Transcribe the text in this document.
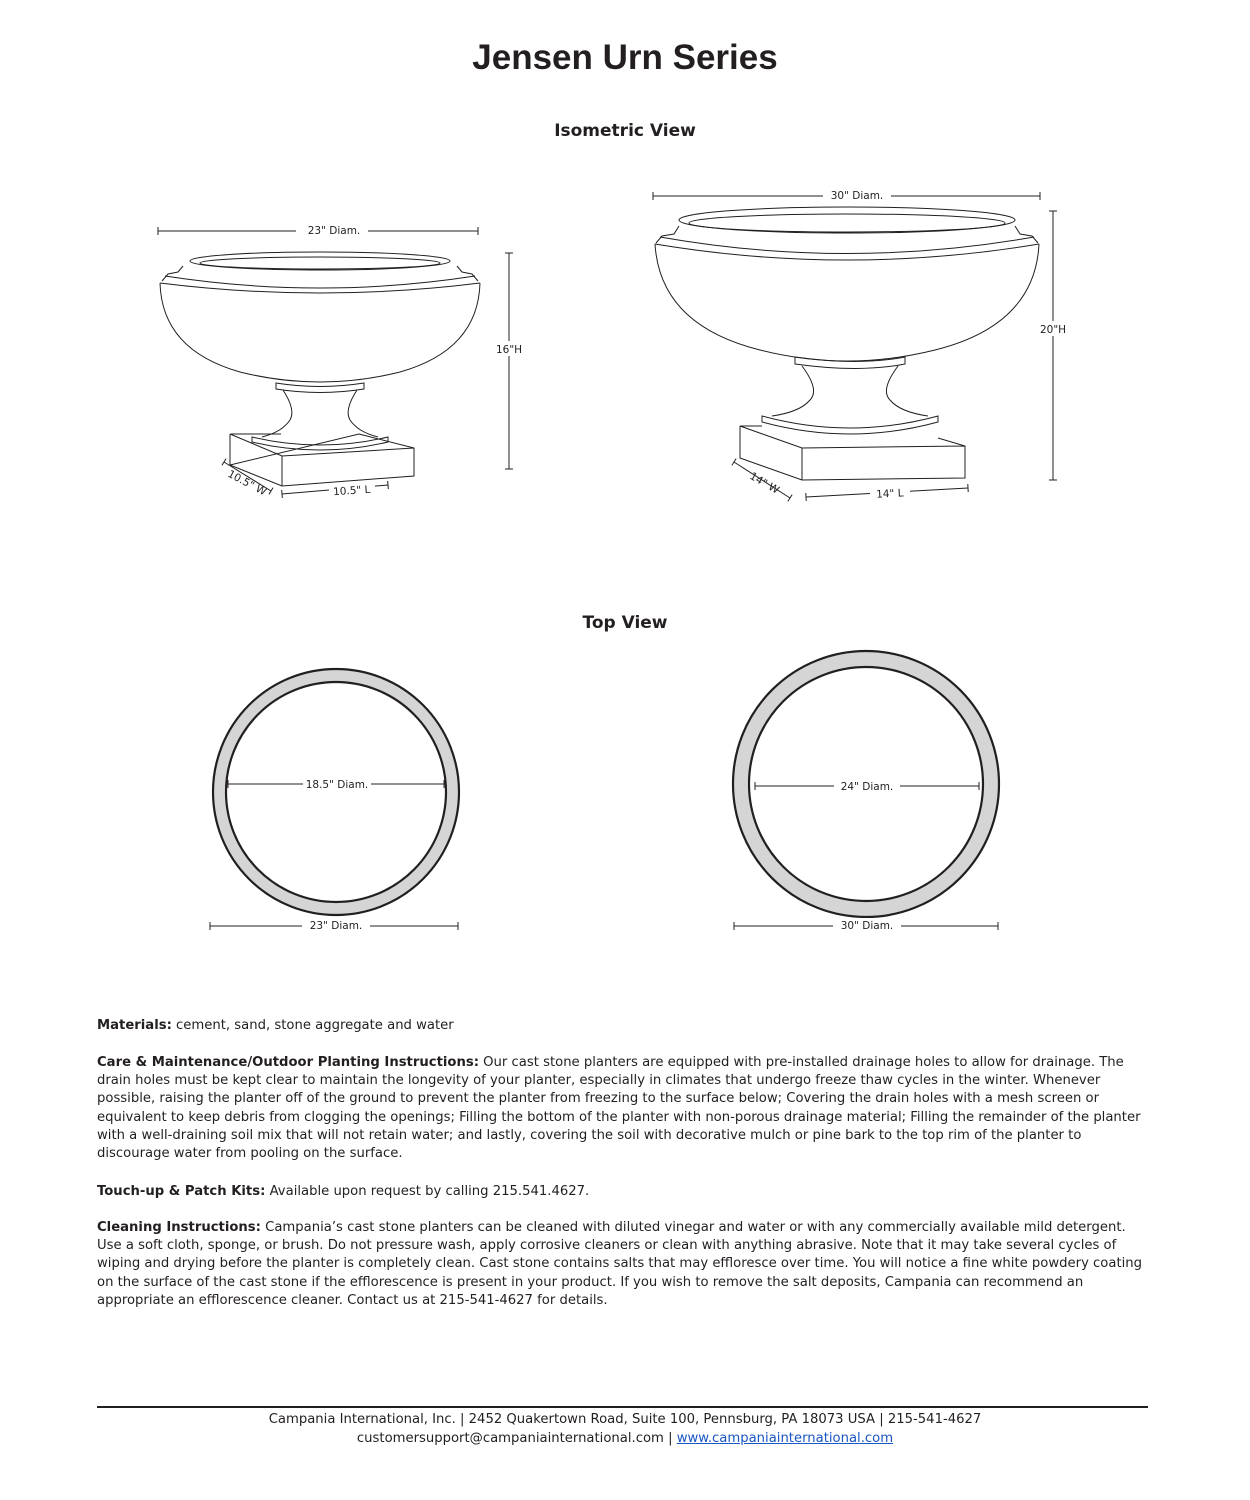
Jensen Urn Series
Isometric View
23" Diam.
16"H
10.5" W	10.5" L
30" Diam.
20"H
14" W	14" L
18.5" Diam.
23" Diam.
24" Diam.
30" Diam.
Top View

Materials: cement, sand, stone aggregate and water

Care & Maintenance/Outdoor Planting Instructions: Our cast stone planters are equipped with pre-installed drainage holes to allow for drainage. The drain holes must be kept clear to maintain the longevity of your planter, especially in climates that undergo freeze thaw cycles in the winter. Whenever possible, raising the planter off of the ground to prevent the planter from freezing to the surface below; Covering the drain holes with a mesh screen or equivalent to keep debris from clogging the openings; Filling the bottom of the planter with non-porous drainage material; Filling the remainder of the planter with a well-draining soil mix that will not retain water; and lastly, covering the soil with decorative mulch or pine bark to the top rim of the planter to discourage water from pooling on the surface.

Touch-up & Patch Kits: Available upon request by calling 215.541.4627.

Cleaning Instructions: Campania’s cast stone planters can be cleaned with diluted vinegar and water or with any commercially available mild detergent. Use a soft cloth, sponge, or brush. Do not pressure wash, apply corrosive cleaners or clean with anything abrasive. Note that it may take several cycles of wiping and drying before the planter is completely clean. Cast stone contains salts that may effloresce over time. You will notice a fine white powdery coating on the surface of the cast stone if the efflorescence is present in your product. If you wish to remove the salt deposits, Campania can recommend an appropriate an efflorescence cleaner. Contact us at 215-541-4627 for details.

Campania International, Inc. | 2452 Quakertown Road, Suite 100, Pennsburg, PA 18073 USA | 215-541-4627

customersupport@campaniainternational.com | www.campaniainternational.com
